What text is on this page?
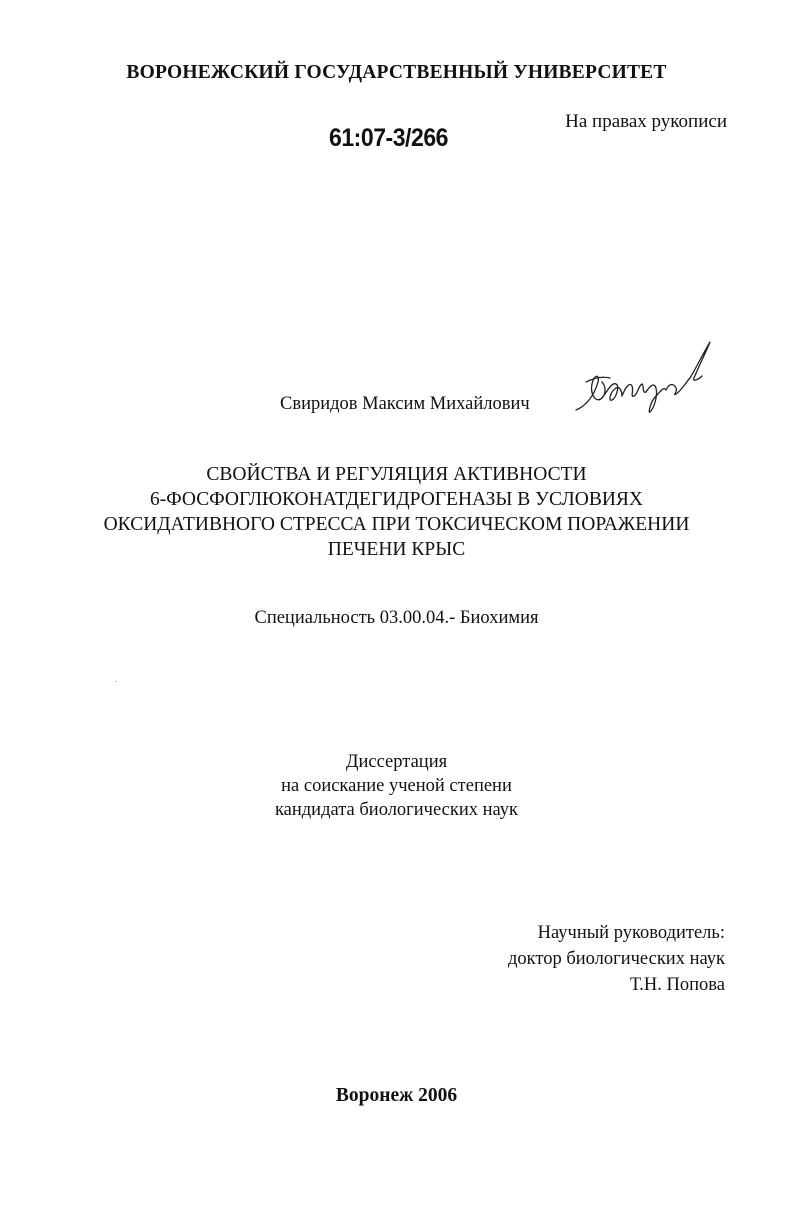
ВОРОНЕЖСКИЙ ГОСУДАРСТВЕННЫЙ УНИВЕРСИТЕТ
На правах рукописи
61:07-3/266
Свиридов Максим Михайлович
СВОЙСТВА И РЕГУЛЯЦИЯ АКТИВНОСТИ
6-ФОСФОГЛЮКОНАТДЕГИДРОГЕНАЗЫ В УСЛОВИЯХ
ОКСИДАТИВНОГО СТРЕССА ПРИ ТОКСИЧЕСКОМ ПОРАЖЕНИИ
ПЕЧЕНИ КРЫС
Специальность 03.00.04.- Биохимия
Диссертация
на соискание ученой степени
кандидата биологических наук
Научный руководитель:
доктор биологических наук
Т.Н. Попова
Воронеж 2006
